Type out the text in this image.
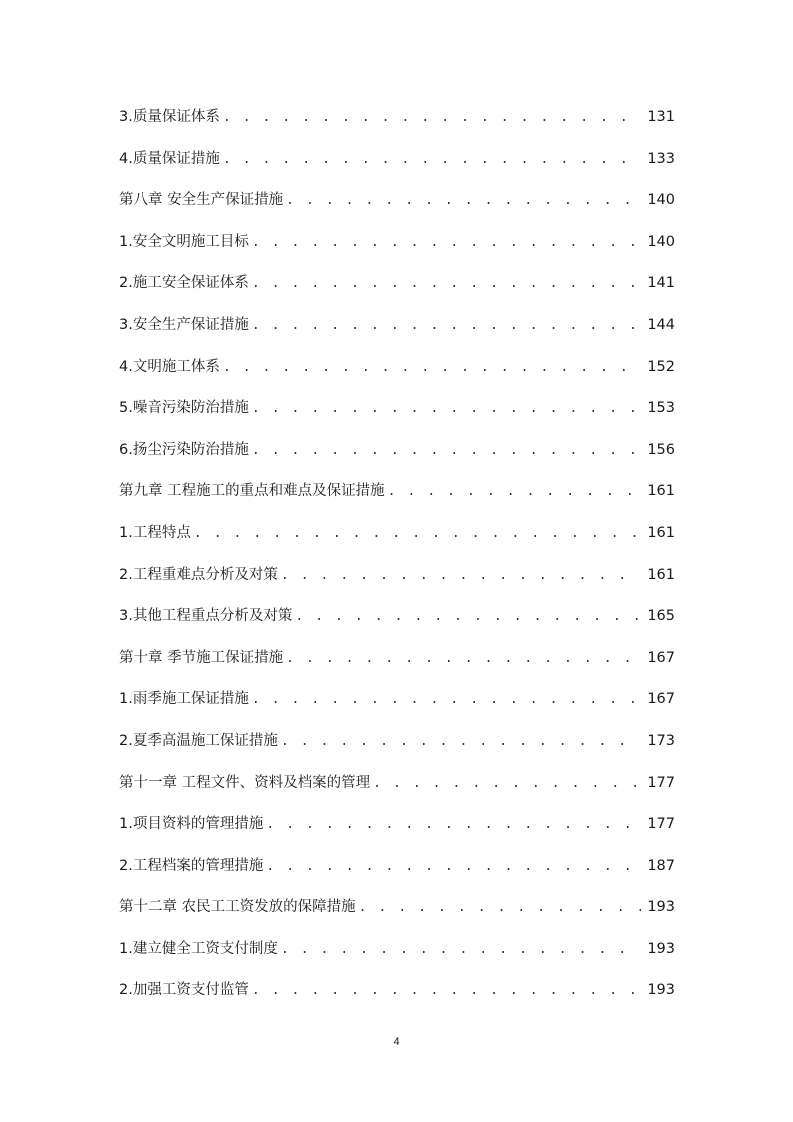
3.质量保证体系 . . .	131
4.质量保证措施 . . .	133
第八章 安全生产保证措施 . . .	140
1.安全文明施工目标 . . .	140
2.施工安全保证体系 . . .	141
3.安全生产保证措施 . . .	144
4.文明施工体系 . . .	152
5.噪音污染防治措施 . . .	153
6.扬尘污染防治措施 . . .	156
第九章 工程施工的重点和难点及保证措施 . . .	161
1.工程特点 . . .	161
2.工程重难点分析及对策 . . .	161
3.其他工程重点分析及对策 . . .	165
第十章 季节施工保证措施 . . .	167
1.雨季施工保证措施 . . .	167
2.夏季高温施工保证措施 . . .	173
第十一章 工程文件、资料及档案的管理 . . .	177
1.项目资料的管理措施 . . .	177
2.工程档案的管理措施 . . .	187
第十二章 农民工工资发放的保障措施 . . .	193
1.建立健全工资支付制度 . . .	193
2.加强工资支付监管 . . .	193
4
